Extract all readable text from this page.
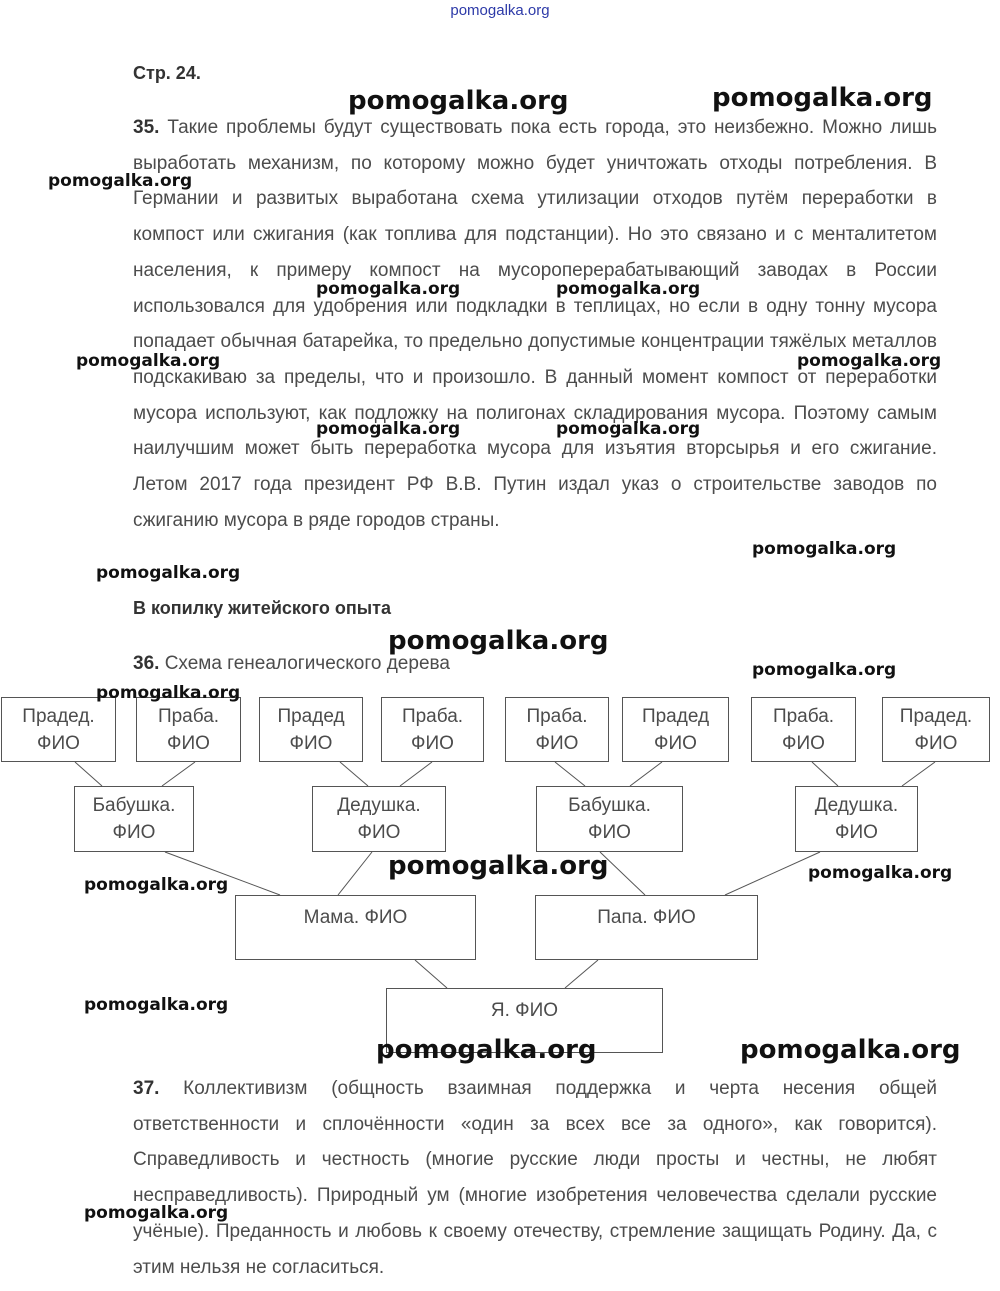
pomogalka.org
Стр. 24.
35. Такие проблемы будут существовать пока есть города, это неизбежно. Можно лишь выработать механизм, по которому можно будет уничтожать отходы потребления. В Германии и развитых выработана схема утилизации отходов путём переработки в компост или сжигания (как топлива для подстанции). Но это связано и с менталитетом населения, к примеру компост на мусороперерабатывающий заводах в России использовался для удобрения или подкладки в теплицах, но если в одну тонну мусора попадает обычная батарейка, то предельно допустимые концентрации тяжёлых металлов подскакиваю за пределы, что и произошло. В данный момент компост от переработки мусора используют, как подложку на полигонах складирования мусора. Поэтому самым наилучшим может быть переработка мусора для изъятия вторсырья и его сжигание. Летом 2017 года президент РФ В.В. Путин издал указ о строительстве заводов по сжиганию мусора в ряде городов страны.
В копилку житейского опыта
36. Схема генеалогического дерева
Прадед.
ФИО
Праба.
ФИО
Прадед
ФИО
Праба.
ФИО
Праба.
ФИО
Прадед
ФИО
Праба.
ФИО
Прадед.
ФИО
Бабушка.
ФИО
Дедушка.
ФИО
Бабушка.
ФИО
Дедушка.
ФИО
Мама. ФИО	Папа. ФИО
Я. ФИО
37. Коллективизм (общность взаимная поддержка и черта несения общей ответственности и сплочённости «один за всех все за одного», как говорится). Справедливость и честность (многие русские люди просты и честны, не любят несправедливость). Природный ум (многие изобретения человечества сделали русские учёные). Преданность и любовь к своему отечеству, стремление защищать Родину. Да, с этим нельзя не согласиться.
pomogalka.org	pomogalka.org
pomogalka.org
pomogalka.org	pomogalka.org
pomogalka.org	pomogalka.org
pomogalka.org	pomogalka.org
pomogalka.org
pomogalka.org
pomogalka.org
pomogalka.org
pomogalka.org
pomogalka.org	pomogalka.org
pomogalka.org
pomogalka.org
pomogalka.org	pomogalka.org
pomogalka.org
